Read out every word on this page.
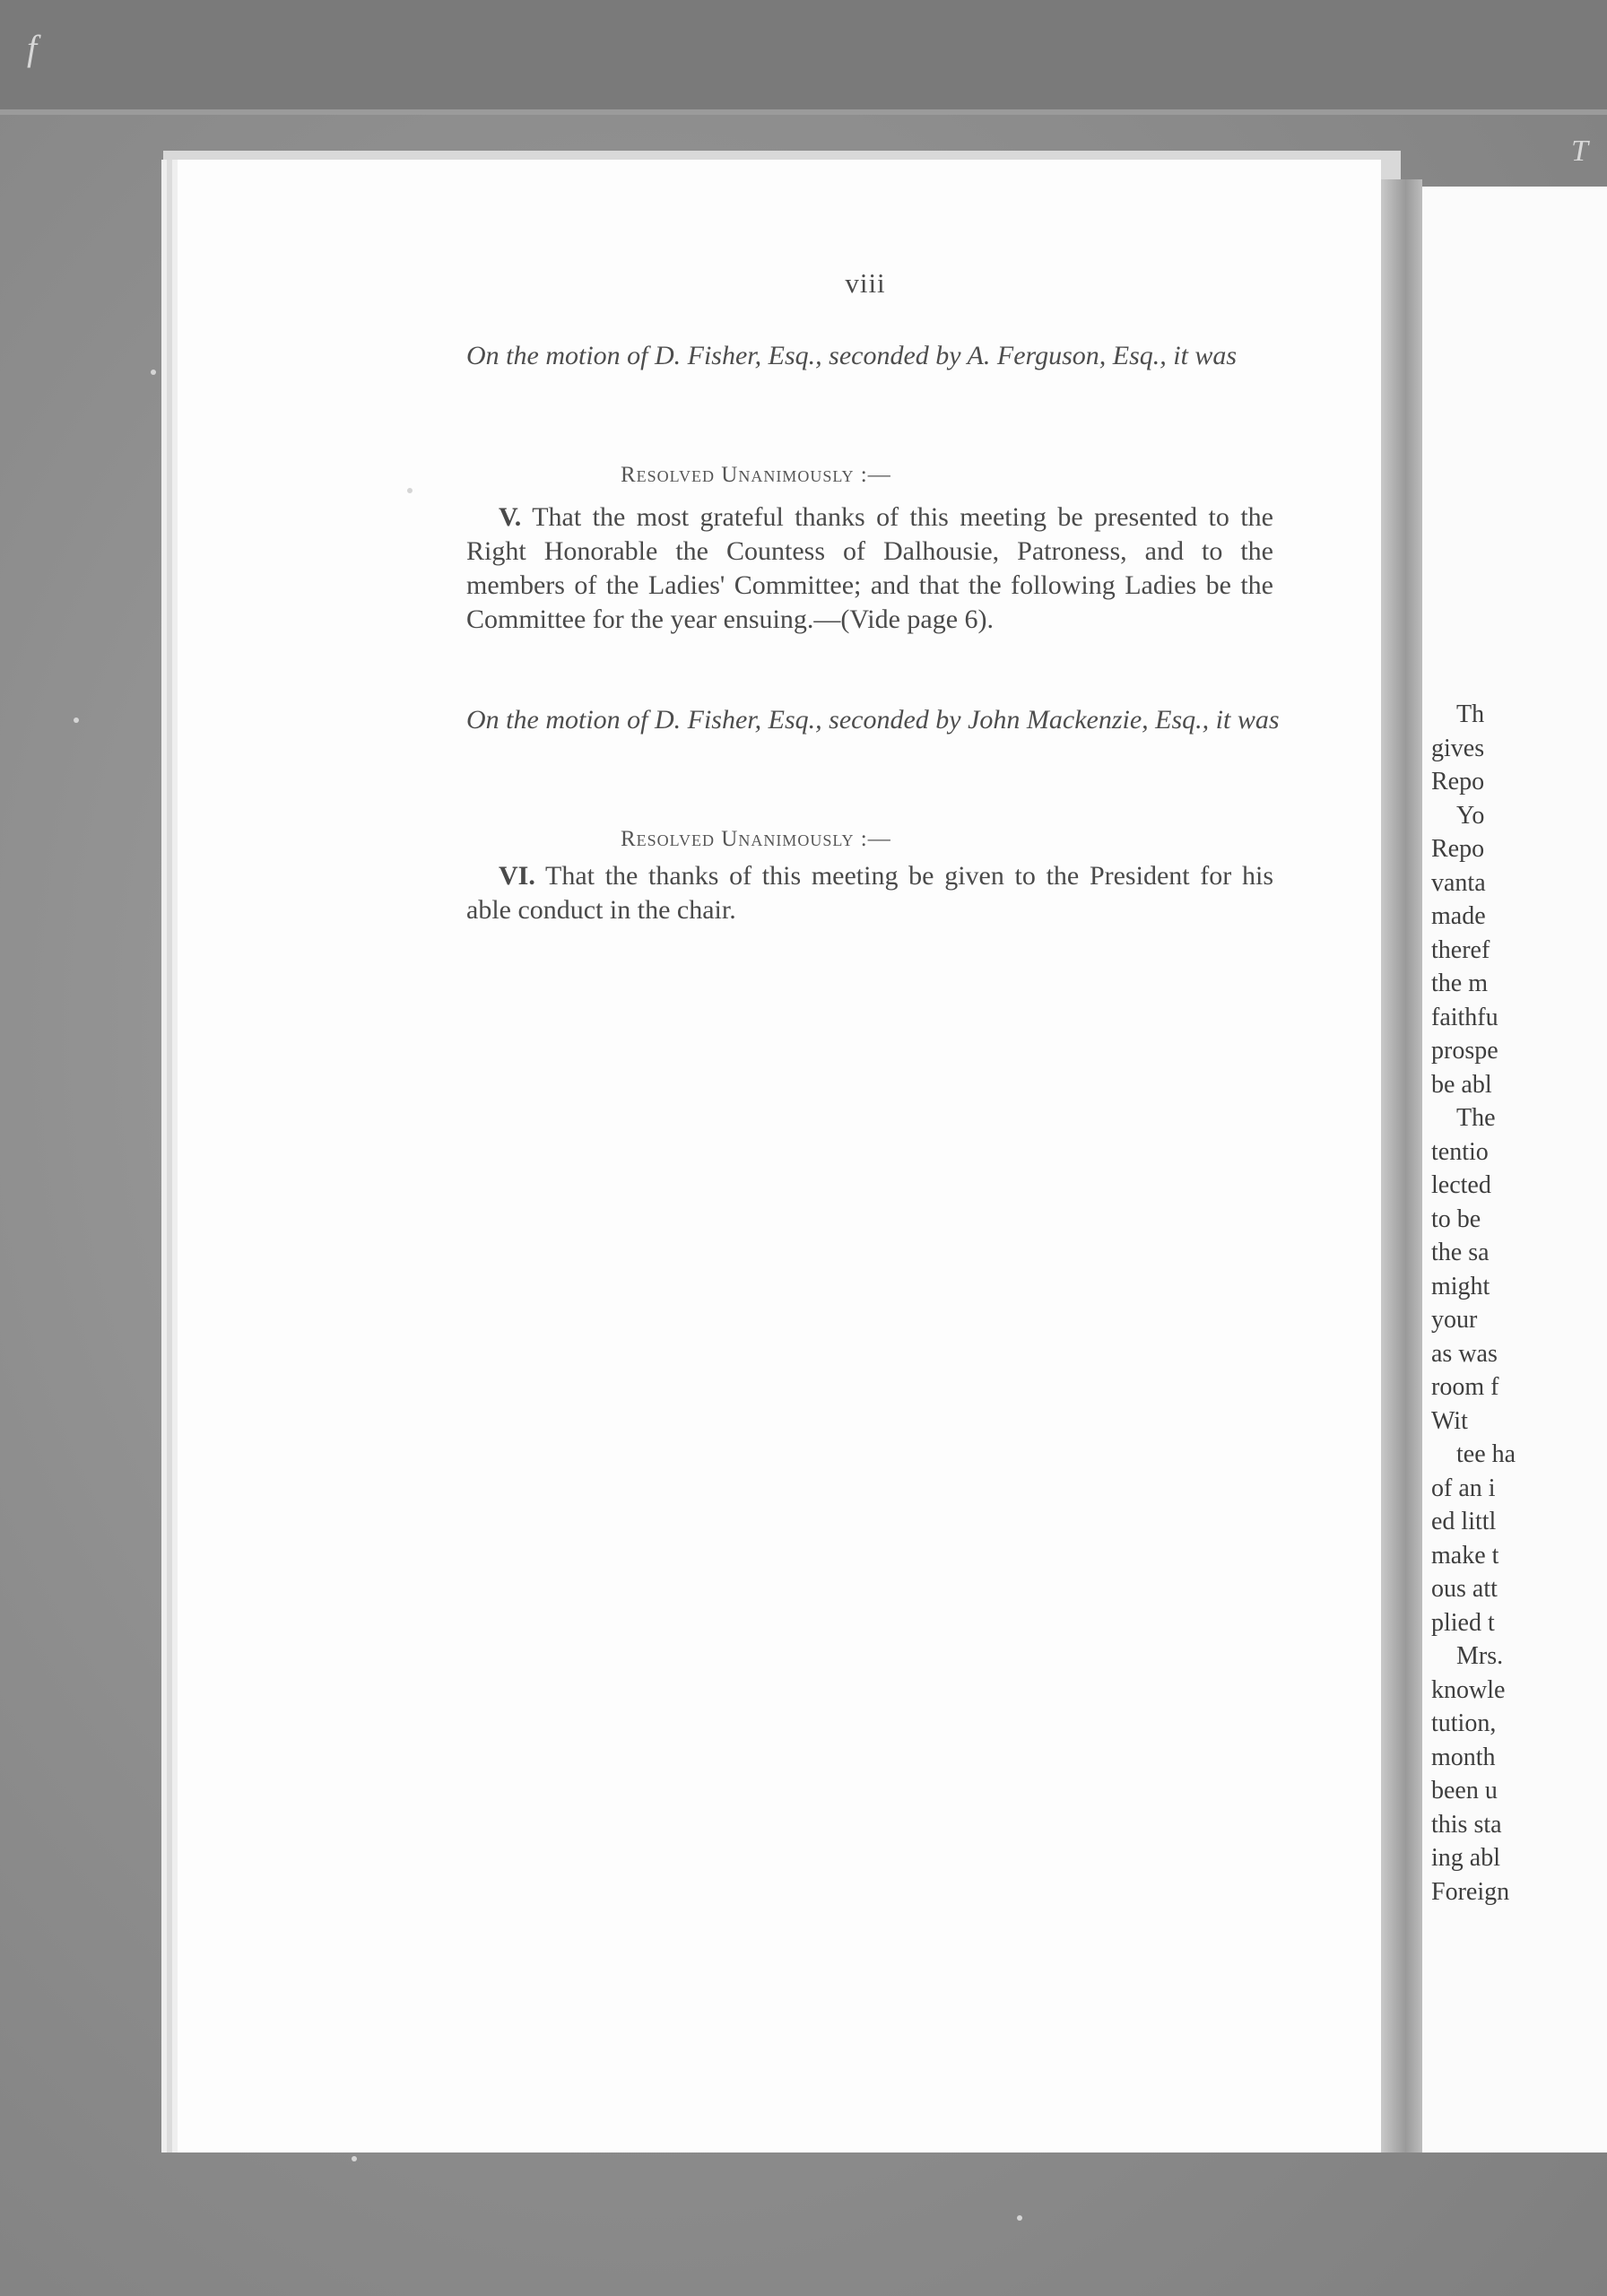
f
T
Th
gives
Repo
Yo
Repo
vanta
made
theref
the m
faithfu
prospe
be abl
The
tentio
lected
to be
the sa
might
your
as was
room f
Wit
tee ha
of an i
ed littl
make t
ous att
plied t
Mrs.
knowle
tution,
month
been u
this sta
ing abl
Foreign
viii

On the motion of D. Fisher, Esq., seconded by A. Ferguson, Esq., it was

Resolved Unanimously :—

V. That the most grateful thanks of this meeting be presented to the Right Honorable the Countess of Dalhousie, Patroness, and to the members of the Ladies' Committee; and that the following Ladies be the Committee for the year ensuing.—(Vide page 6).

On the motion of D. Fisher, Esq., seconded by John Mackenzie, Esq., it was

Resolved Unanimously :—

VI. That the thanks of this meeting be given to the President for his able conduct in the chair.
